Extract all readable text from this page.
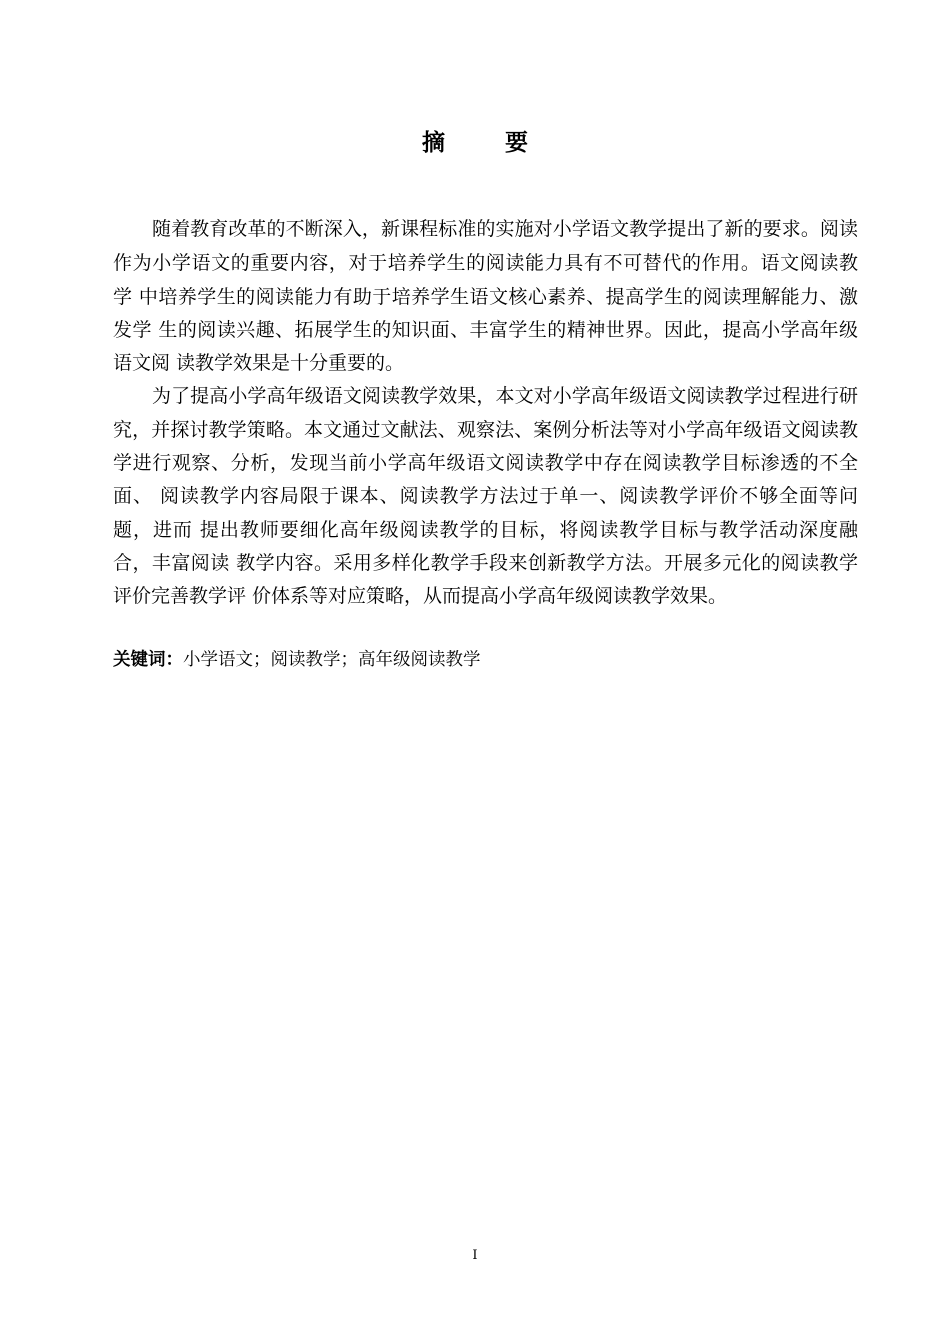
摘 要
随着教育改革的不断深入，新课程标准的实施对小学语文教学提出了新的要求。阅读
作为小学语文的重要内容，对于培养学生的阅读能力具有不可替代的作用。语文阅读教
学 中培养学生的阅读能力有助于培养学生语文核心素养、提高学生的阅读理解能力、激
发学 生的阅读兴趣、拓展学生的知识面、丰富学生的精神世界。因此，提高小学高年级
语文阅 读教学效果是十分重要的。
为了提高小学高年级语文阅读教学效果，本文对小学高年级语文阅读教学过程进行研
究，并探讨教学策略。本文通过文献法、观察法、案例分析法等对小学高年级语文阅读教
学进行观察、分析，发现当前小学高年级语文阅读教学中存在阅读教学目标渗透的不全
面、 阅读教学内容局限于课本、阅读教学方法过于单一、阅读教学评价不够全面等问
题，进而 提出教师要细化高年级阅读教学的目标，将阅读教学目标与教学活动深度融
合，丰富阅读 教学内容。采用多样化教学手段来创新教学方法。开展多元化的阅读教学
评价完善教学评 价体系等对应策略，从而提高小学高年级阅读教学效果。
关键词：小学语文；阅读教学；高年级阅读教学
I
